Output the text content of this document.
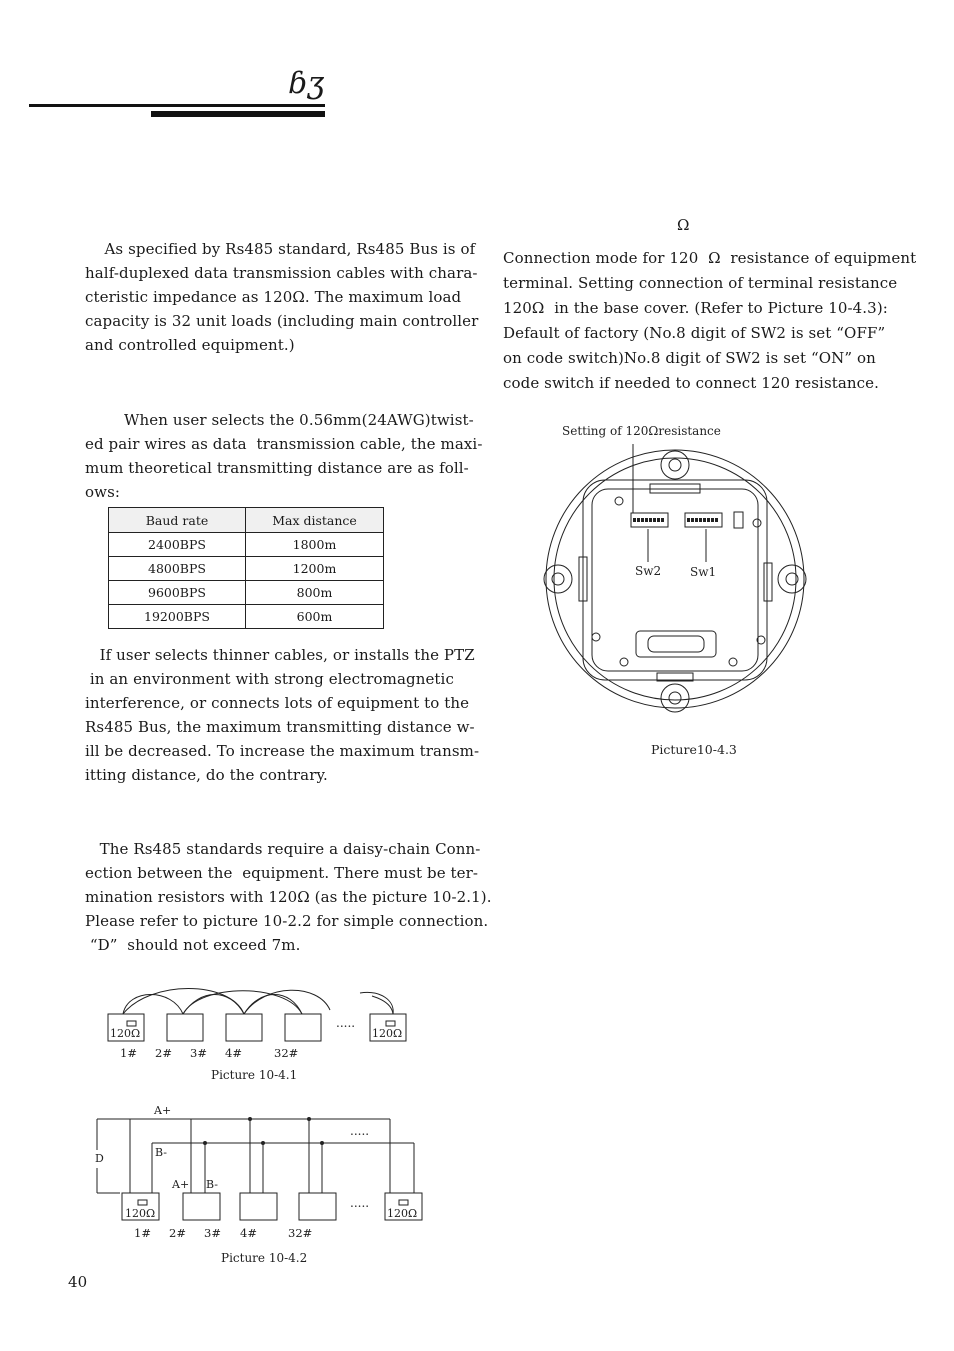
ɓʒ
As specified by Rs485 standard, Rs485 Bus is of
half-duplexed data transmission cables with chara-
cteristic impedance as 120Ω. The maximum load
capacity is 32 unit loads (including main controller
and controlled equipment.)
When user selects the 0.56mm(24AWG)twist-
ed pair wires as data  transmission cable, the maxi-
mum theoretical transmitting distance are as foll-
ows:
Baud rate	Max distance
2400BPS	1800m
4800BPS	1200m
9600BPS	800m
19200BPS	600m
If user selects thinner cables, or installs the PTZ
in an environment with strong electromagnetic
interference, or connects lots of equipment to the
Rs485 Bus, the maximum transmitting distance w-
ill be decreased. To increase the maximum transm-
itting distance, do the contrary.
The Rs485 standards require a daisy-chain Conn-
ection between the  equipment. There must be ter-
mination resistors with 120Ω (as the picture 10-2.1).
Please refer to picture 10-2.2 for simple connection.
“D”  should not exceed 7m.
120Ω	120Ω
.....
1# 2# 3# 4#	32#
Picture 10-4.1
A+
B-
D
A+ B-
.....
.....
120Ω	120Ω
1# 2# 3# 4#	32#
Picture 10-4.2
Setting of 120Ωresistance
Sw2 Sw1
Picture10-4.3
Ω
Connection mode for 120  Ω  resistance of equipment
terminal. Setting connection of terminal resistance
120Ω  in the base cover. (Refer to Picture 10-4.3):
Default of factory (No.8 digit of SW2 is set “OFF”
on code switch)No.8 digit of SW2 is set “ON” on
code switch if needed to connect 120 resistance.
40
